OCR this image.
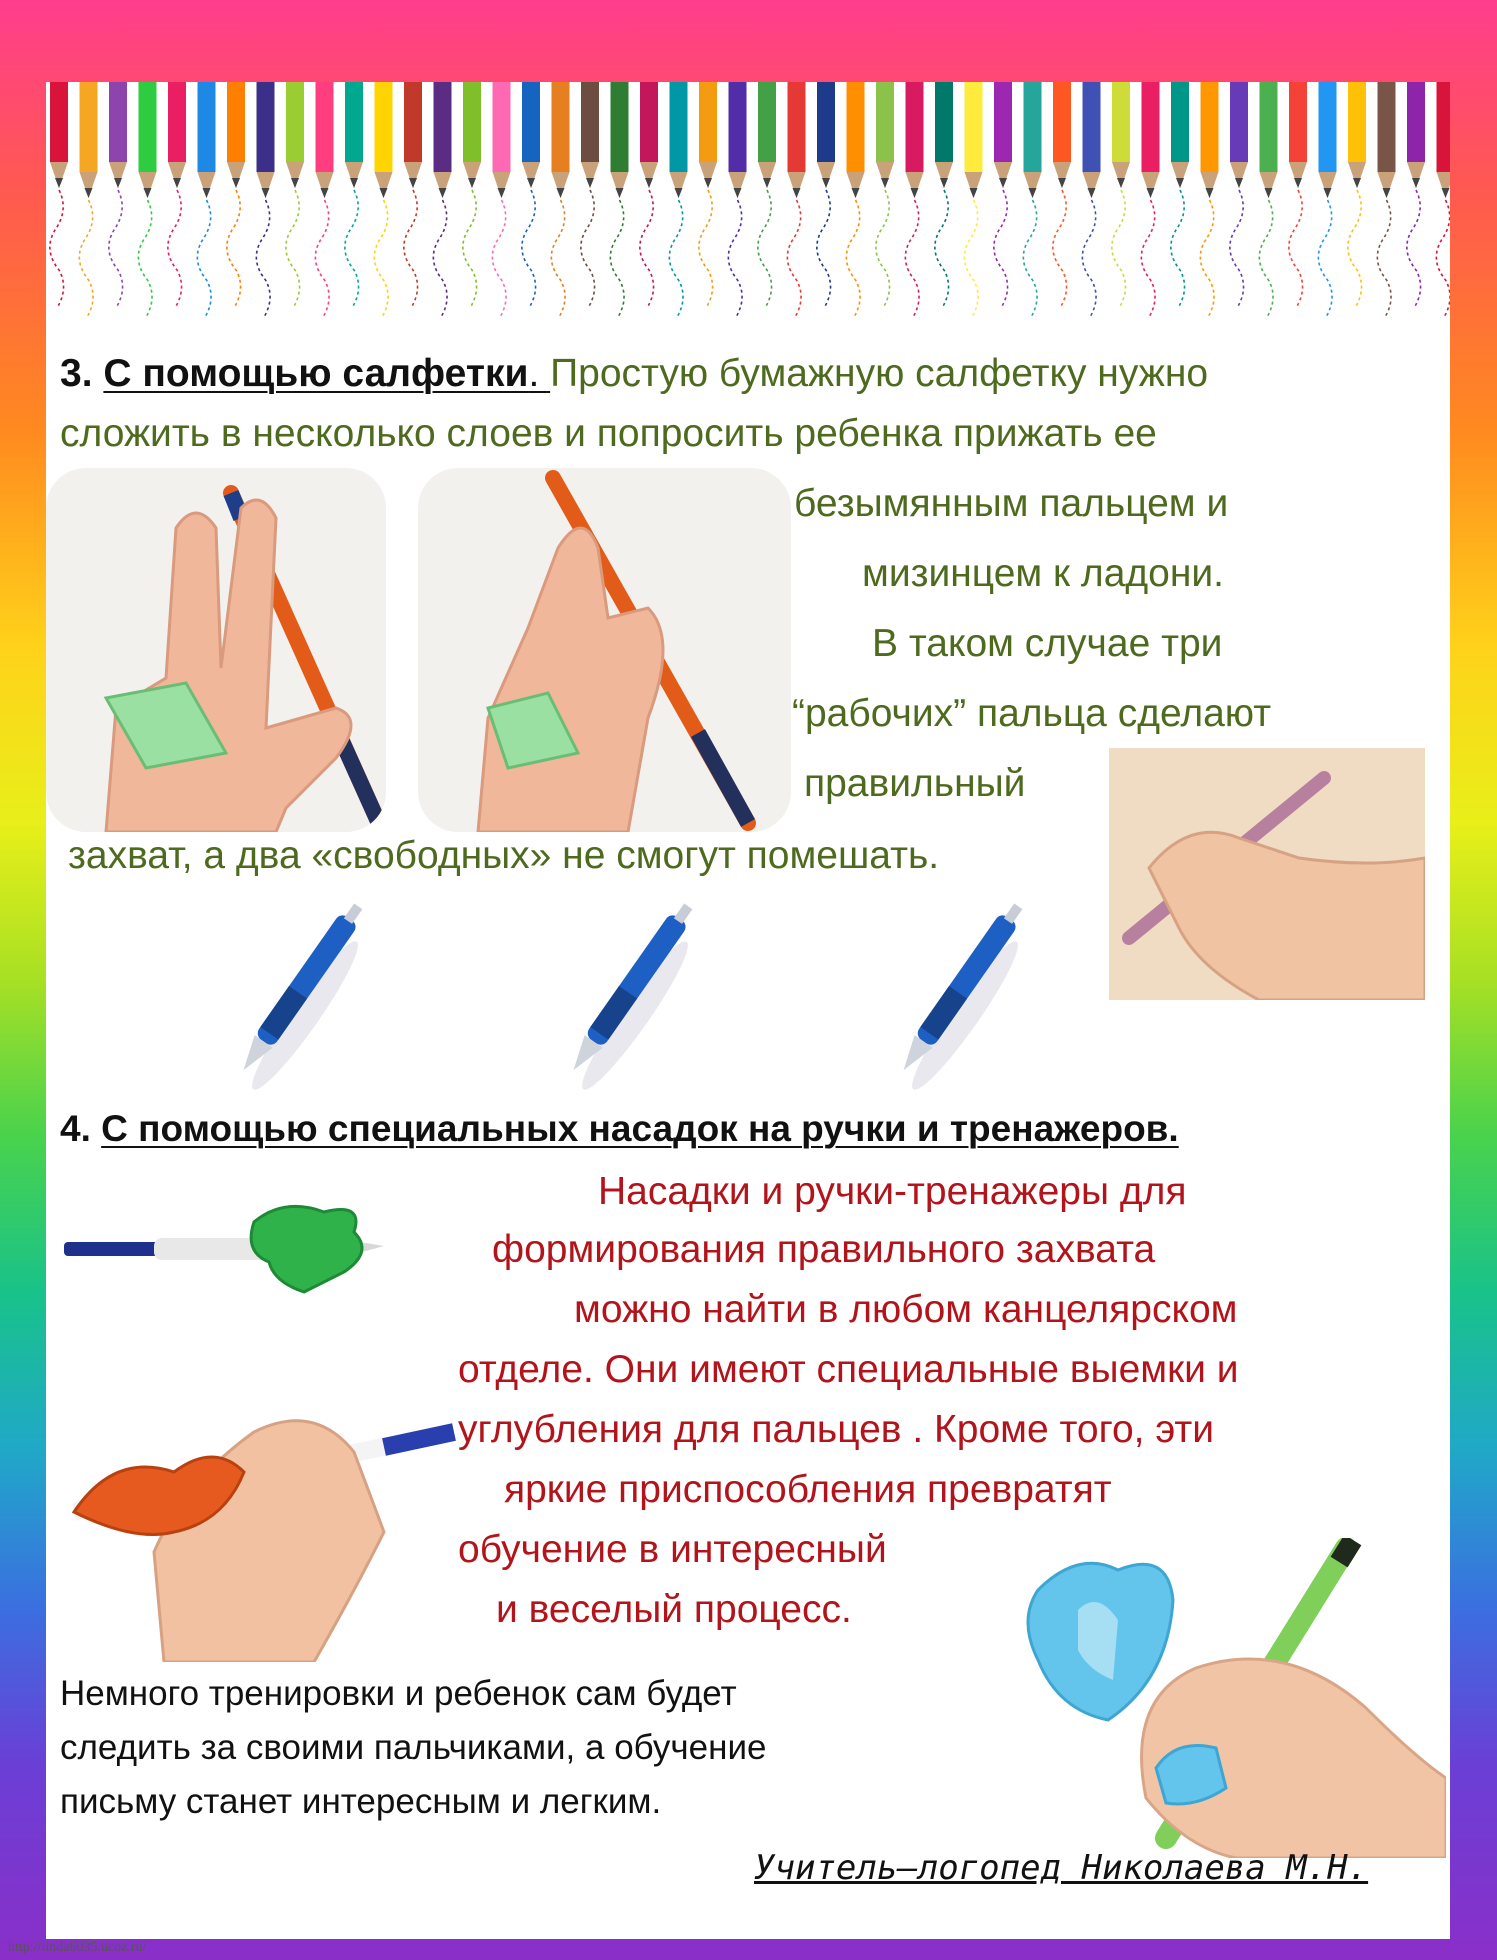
3. С помощью салфетки. Простую бумажную салфетку нужно
сложить в несколько слоев и попросить ребенка прижать ее
безымянным пальцем и
мизинцем к ладони.
В таком случае три
“рабочих” пальца сделают
правильный
захват, а два «свободных» не смогут помешать.
4. С помощью специальных насадок на ручки и тренажеров.
Насадки и ручки-тренажеры для
формирования правильного захвата
можно найти в любом канцелярском
отделе. Они имеют специальные выемки и
углубления для пальцев . Кроме того, эти
яркие приспособления превратят
обучение в интересный
и веселый процесс.
Немного тренировки и ребенок сам будет
следить за своими пальчиками, а обучение
письму станет интересным и легким.
Учитель–логопед Николаева М.Н.
http://linda6035.ucoz.ru/
